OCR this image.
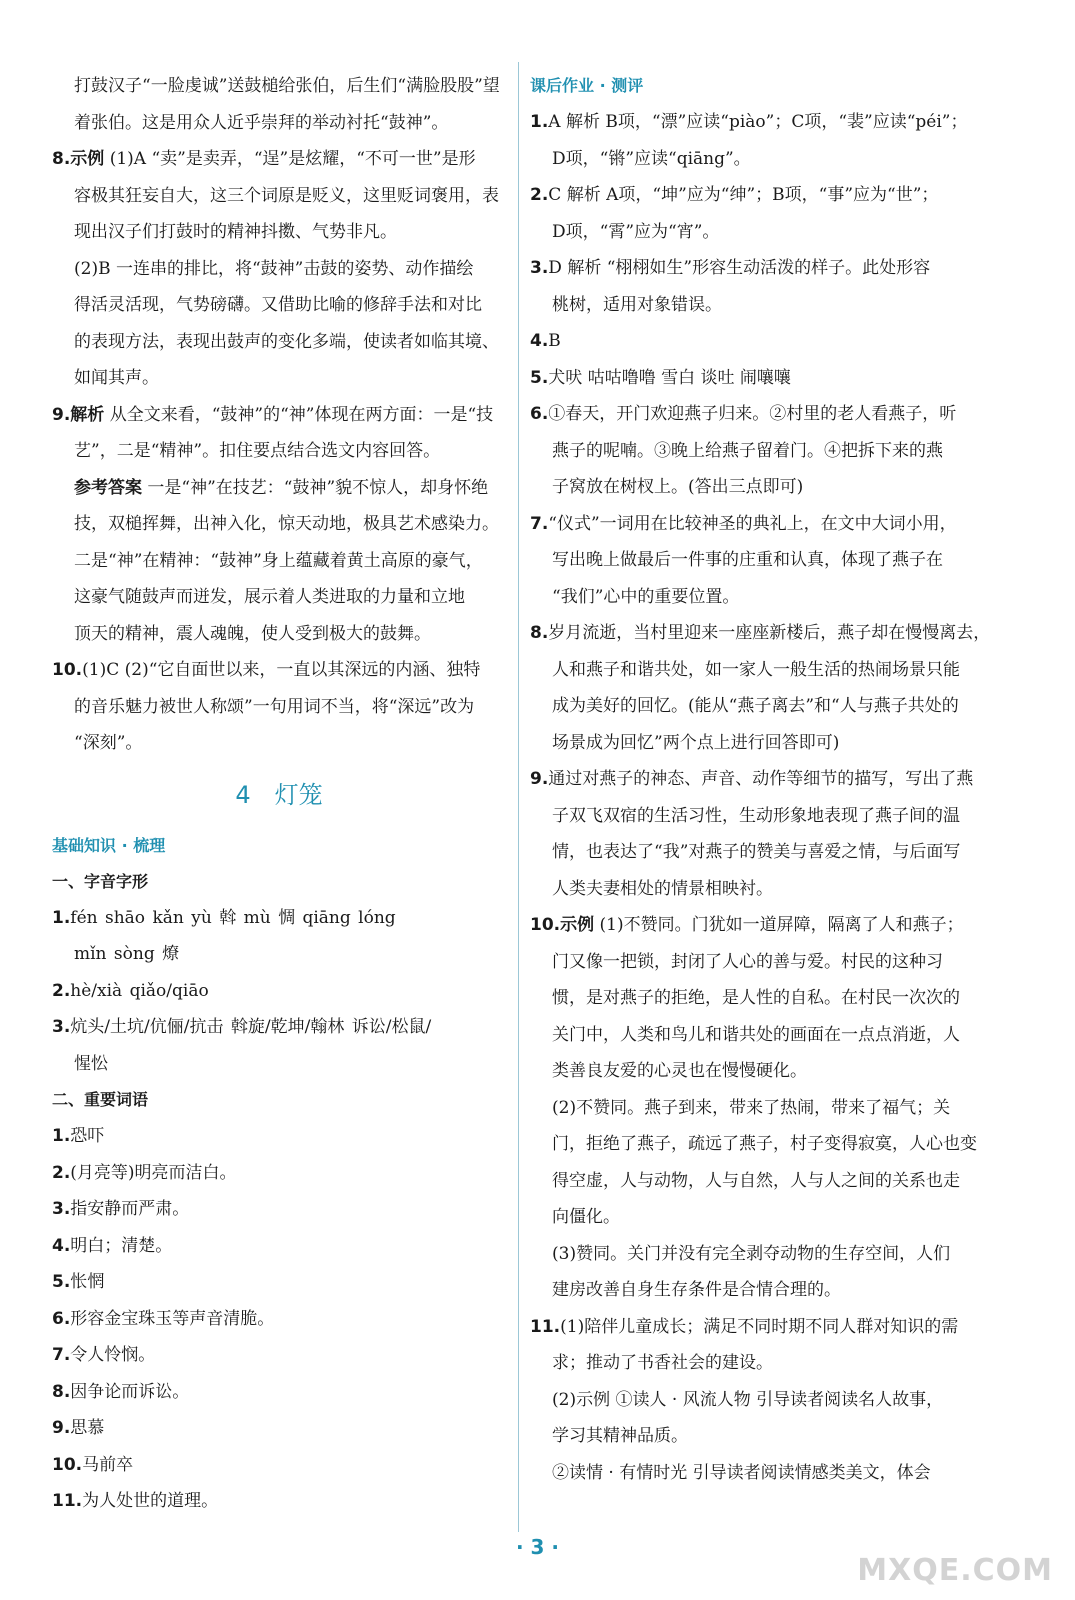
打鼓汉子“一脸虔诚”送鼓槌给张伯，后生们“满脸股股”望
着张伯。这是用众人近乎崇拜的举动衬托“鼓神”。
8.示例 (1)A “卖”是卖弄，“逞”是炫耀，“不可一世”是形
容极其狂妄自大，这三个词原是贬义，这里贬词褒用，表
现出汉子们打鼓时的精神抖擞、气势非凡。
(2)B 一连串的排比，将“鼓神”击鼓的姿势、动作描绘
得活灵活现，气势磅礴。又借助比喻的修辞手法和对比
的表现方法，表现出鼓声的变化多端，使读者如临其境、
如闻其声。
9.解析 从全文来看，“鼓神”的“神”体现在两方面：一是“技
艺”，二是“精神”。扣住要点结合选文内容回答。
参考答案 一是“神”在技艺：“鼓神”貌不惊人，却身怀绝
技，双槌挥舞，出神入化，惊天动地，极具艺术感染力。
二是“神”在精神：“鼓神”身上蕴藏着黄土高原的豪气，
这豪气随鼓声而迸发，展示着人类进取的力量和立地
顶天的精神，震人魂魄，使人受到极大的鼓舞。
10.(1)C (2)“它自面世以来，一直以其深远的内涵、独特
的音乐魅力被世人称颂”一句用词不当，将“深远”改为
“深刻”。
4 灯笼
基础知识 · 梳理
一、字音字形
1.fén shāo kǎn yù 斡 mù 惆 qiāng lóng
mǐn sòng 燎
2.hè/xià qiǎo/qiāo
3.炕头/土坑/伉俪/抗击 斡旋/乾坤/翰林 诉讼/松鼠/
惺忪
二、重要词语
1.恐吓
2.(月亮等)明亮而洁白。
3.指安静而严肃。
4.明白；清楚。
5.怅惘
6.形容金宝珠玉等声音清脆。
7.令人怜悯。
8.因争论而诉讼。
9.思慕
10.马前卒
11.为人处世的道理。
课后作业 · 测评
1.A 解析 B项，“漂”应读“piào”；C项，“裴”应读“péi”；
D项，“锵”应读“qiāng”。
2.C 解析 A项，“坤”应为“绅”；B项，“事”应为“世”；
D项，“霄”应为“宵”。
3.D 解析 “栩栩如生”形容生动活泼的样子。此处形容
桃树，适用对象错误。
4.B
5.犬吠 咕咕噜噜 雪白 谈吐 闹嚷嚷
6.①春天，开门欢迎燕子归来。②村里的老人看燕子，听
燕子的呢喃。③晚上给燕子留着门。④把拆下来的燕
子窝放在树杈上。(答出三点即可)
7.“仪式”一词用在比较神圣的典礼上，在文中大词小用，
写出晚上做最后一件事的庄重和认真，体现了燕子在
“我们”心中的重要位置。
8.岁月流逝，当村里迎来一座座新楼后，燕子却在慢慢离去，
人和燕子和谐共处，如一家人一般生活的热闹场景只能
成为美好的回忆。(能从“燕子离去”和“人与燕子共处的
场景成为回忆”两个点上进行回答即可)
9.通过对燕子的神态、声音、动作等细节的描写，写出了燕
子双飞双宿的生活习性，生动形象地表现了燕子间的温
情，也表达了“我”对燕子的赞美与喜爱之情，与后面写
人类夫妻相处的情景相映衬。
10.示例 (1)不赞同。门犹如一道屏障，隔离了人和燕子；
门又像一把锁，封闭了人心的善与爱。村民的这种习
惯，是对燕子的拒绝，是人性的自私。在村民一次次的
关门中，人类和鸟儿和谐共处的画面在一点点消逝，人
类善良友爱的心灵也在慢慢硬化。
(2)不赞同。燕子到来，带来了热闹，带来了福气；关
门，拒绝了燕子，疏远了燕子，村子变得寂寞，人心也变
得空虚，人与动物，人与自然，人与人之间的关系也走
向僵化。
(3)赞同。关门并没有完全剥夺动物的生存空间，人们
建房改善自身生存条件是合情合理的。
11.(1)陪伴儿童成长；满足不同时期不同人群对知识的需
求；推动了书香社会的建设。
(2)示例 ①读人 · 风流人物 引导读者阅读名人故事，
学习其精神品质。
②读情 · 有情时光 引导读者阅读情感类美文，体会
· 3 ·
MXQE.COM
